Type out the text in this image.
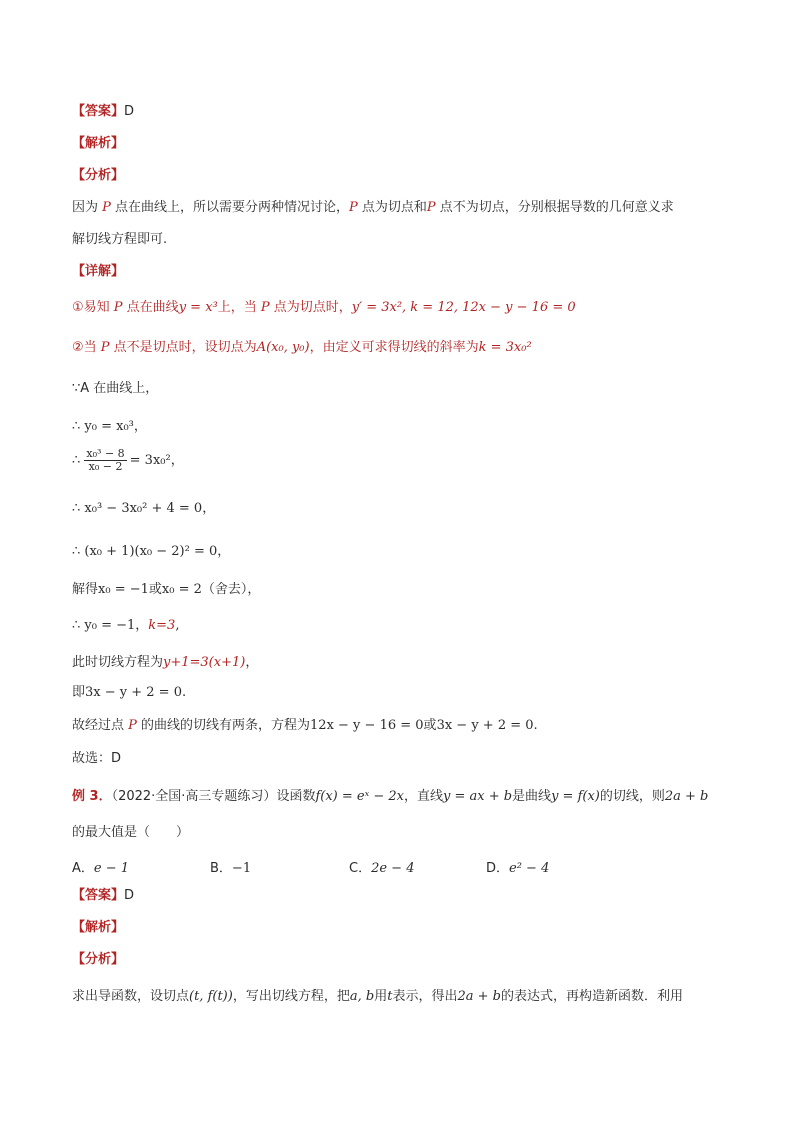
【答案】D
【解析】
【分析】
因为 P 点在曲线上，所以需要分两种情况讨论，P 点为切点和P 点不为切点，分别根据导数的几何意义求
解切线方程即可.
【详解】
①易知 P 点在曲线y = x³上，当 P 点为切点时，y′ = 3x², k = 12, 12x − y − 16 = 0
②当 P 点不是切点时，设切点为A(x₀, y₀)，由定义可求得切线的斜率为k = 3x₀²
∵A 在曲线上，
∴ y₀ = x₀³，
∴ $\frac{\text{x₀³ − 8}}{\text{x₀ − 2}} = 3x_0^2$，
∴ x₀³ − 3x₀² + 4 = 0，
∴ (x₀ + 1)(x₀ − 2)² = 0，
解得x₀ = −1或x₀ = 2（舍去），
∴ y₀ = −1，k=3,
此时切线方程为y+1=3(x+1)，
即3x − y + 2 = 0.
故经过点 P 的曲线的切线有两条，方程为12x − y − 16 = 0或3x − y + 2 = 0.
故选：D
例 3．（2022·全国·高三专题练习）设函数f(x) = eˣ − 2x，直线y = ax + b是曲线y = f(x)的切线，则2a + b
的最大值是（　　）
A．e − 1	B．−1	C．2e − 4	D．e² − 4
【答案】D
【解析】
【分析】
求出导函数，设切点(t, f(t))，写出切线方程，把a, b用t表示，得出2a + b的表达式，再构造新函数．利用
